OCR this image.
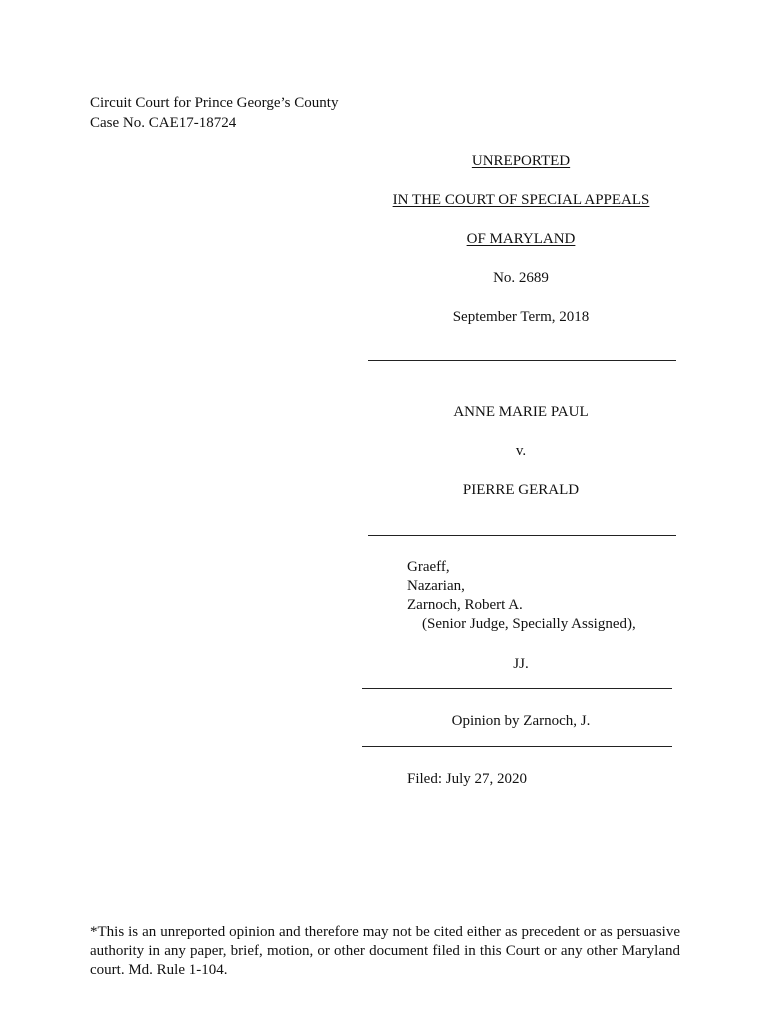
Circuit Court for Prince George’s County
Case No. CAE17-18724
UNREPORTED
IN THE COURT OF SPECIAL APPEALS
OF MARYLAND
No. 2689
September Term, 2018
ANNE MARIE PAUL
v.
PIERRE GERALD
Graeff,
Nazarian,
Zarnoch, Robert A.
(Senior Judge, Specially Assigned),
JJ.
Opinion by Zarnoch, J.
Filed: July 27, 2020
*This is an unreported opinion and therefore may not be cited either as precedent or as persuasive authority in any paper, brief, motion, or other document filed in this Court or any other Maryland court. Md. Rule 1-104.
